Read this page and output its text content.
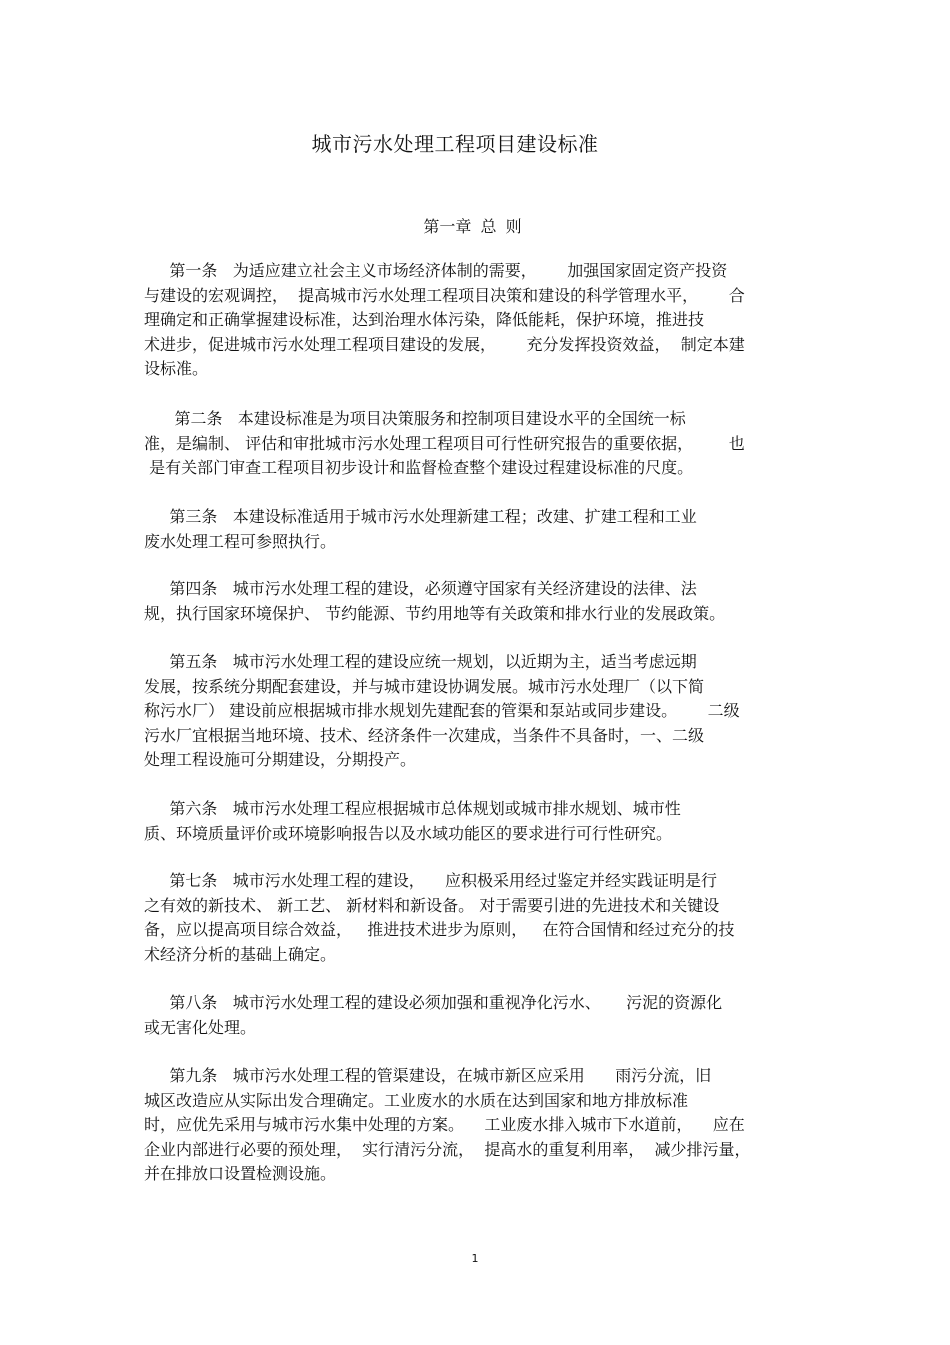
城市污水处理工程项目建设标准
第一章 总 则
第一条   为适应建立社会主义市场经济体制的需要，      加强国家固定资产投资
与建设的宏观调控，  提高城市污水处理工程项目决策和建设的科学管理水平，      合
理确定和正确掌握建设标准，达到治理水体污染，降低能耗，保护环境，推进技
术进步，促进城市污水处理工程项目建设的发展，      充分发挥投资效益，  制定本建
设标准。
第二条   本建设标准是为项目决策服务和控制项目建设水平的全国统一标
准，是编制、 评估和审批城市污水处理工程项目可行性研究报告的重要依据，       也
是有关部门审查工程项目初步设计和监督检查整个建设过程建设标准的尺度。
第三条   本建设标准适用于城市污水处理新建工程；改建、扩建工程和工业
废水处理工程可参照执行。
第四条   城市污水处理工程的建设，必须遵守国家有关经济建设的法律、法
规，执行国家环境保护、 节约能源、节约用地等有关政策和排水行业的发展政策。
第五条   城市污水处理工程的建设应统一规划，以近期为主，适当考虑远期
发展，按系统分期配套建设，并与城市建设协调发展。城市污水处理厂（以下简
称污水厂） 建设前应根据城市排水规划先建配套的管渠和泵站或同步建设。      二级
污水厂宜根据当地环境、技术、经济条件一次建成，当条件不具备时，一、二级
处理工程设施可分期建设，分期投产。
第六条   城市污水处理工程应根据城市总体规划或城市排水规划、城市性
质、环境质量评价或环境影响报告以及水域功能区的要求进行可行性研究。
第七条   城市污水处理工程的建设，    应积极采用经过鉴定并经实践证明是行
之有效的新技术、 新工艺、 新材料和新设备。 对于需要引进的先进技术和关键设
备，应以提高项目综合效益，   推进技术进步为原则，   在符合国情和经过充分的技
术经济分析的基础上确定。
第八条   城市污水处理工程的建设必须加强和重视净化污水、     污泥的资源化
或无害化处理。
第九条   城市污水处理工程的管渠建设，在城市新区应采用      雨污分流，旧
城区改造应从实际出发合理确定。工业废水的水质在达到国家和地方排放标准
时，应优先采用与城市污水集中处理的方案。    工业废水排入城市下水道前，    应在
企业内部进行必要的预处理，  实行清污分流，  提高水的重复利用率，  减少排污量，
并在排放口设置检测设施。
1
